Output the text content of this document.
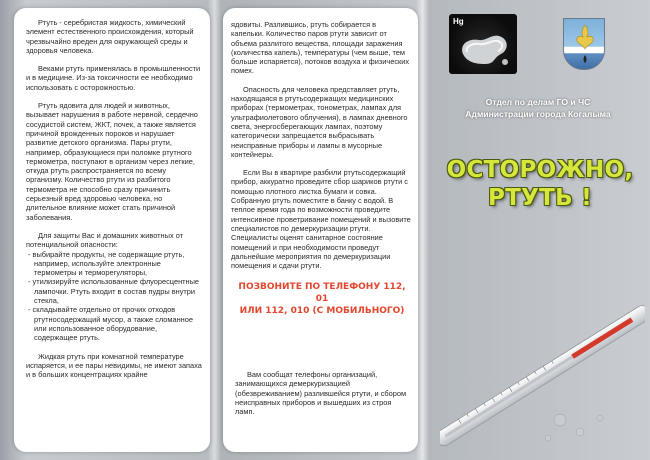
Ртуть - серебристая жидкость, химический элемент естественного происхождения, который чрезвычайно вреден для окружающей среды и здоровья человека.

Веками ртуть применялась в промышленности и в медицине. Из-за токсичности ее необходимо использовать с осторожностью.

Ртуть ядовита для людей и животных, вызывает нарушения в работе нервной, сердечно сосудистой систем, ЖКТ, почек, а также является причиной врожденных пороков и нарушает развитие детского организма. Пары ртути, например, образующиеся при поломке ртутного термометра, поступают в организм через легкие, откуда ртуть распространяется по всему организму. Количество ртути из разбитого термометра не способно сразу причинить серьезный вред здоровью человека, но длительное влияние может стать причиной заболевания.

Для защиты Вас и домашних животных от потенциальной опасности:

- выбирайте продукты, не содержащие ртуть, например, используйте электронные термометры и терморегуляторы,

- утилизируйте использованные флуоресцентные лампочки. Ртуть входит в состав пудры внутри стекла,

- складывайте отдельно от прочих отходов ртутносодержащий мусор, а также сломанное или использованное оборудование, содержащее ртуть.

Жидкая ртуть при комнатной температуре испаряется, и ее пары невидимы, не имеют запаха и в больших концентрациях крайне

ядовиты. Разлившись, ртуть собирается в капельки. Количество паров ртути зависит от объема разлитого вещества, площади заражения (количества капель), температуры (чем выше, тем больше испаряется), потоков воздуха и физических помех.

Опасность для человека представляет ртуть, находящаяся в ртутьсодержащих медицинских приборах (термометрах, тонометрах, лампах для ультрафиолетового облучения), в лампах дневного света, энергосберегающих лампах, поэтому категорически запрещается выбрасывать неисправные приборы и лампы в мусорные контейнеры.

Если Вы в квартире разбили ртутьсодержащий прибор, аккуратно проведите сбор шариков ртути с помощью плотного листка бумаги и совка. Собранную ртуть поместите в банку с водой. В теплое время года по возможности проведите интенсивное проветривание помещений и вызовите специалистов по демеркуризации ртути. Специалисты оценят санитарное состояние помещений и при необходимости проведут дальнейшие мероприятия по демеркуризации помещения и сдачи ртути.

ПОЗВОНИТЕ ПО ТЕЛЕФОНУ 112, 01
ИЛИ 112, 010 (С МОБИЛЬНОГО)
Вам сообщат телефоны организаций, занимающихся демеркуризацией (обезвреживанием) разлившейся ртути, и сбором неисправных приборов и вышедших из строя ламп.
Hg
Отдел по делам ГО и ЧС
Администрации города Когалыма
ОСТОРОЖНО,
РТУТЬ !
